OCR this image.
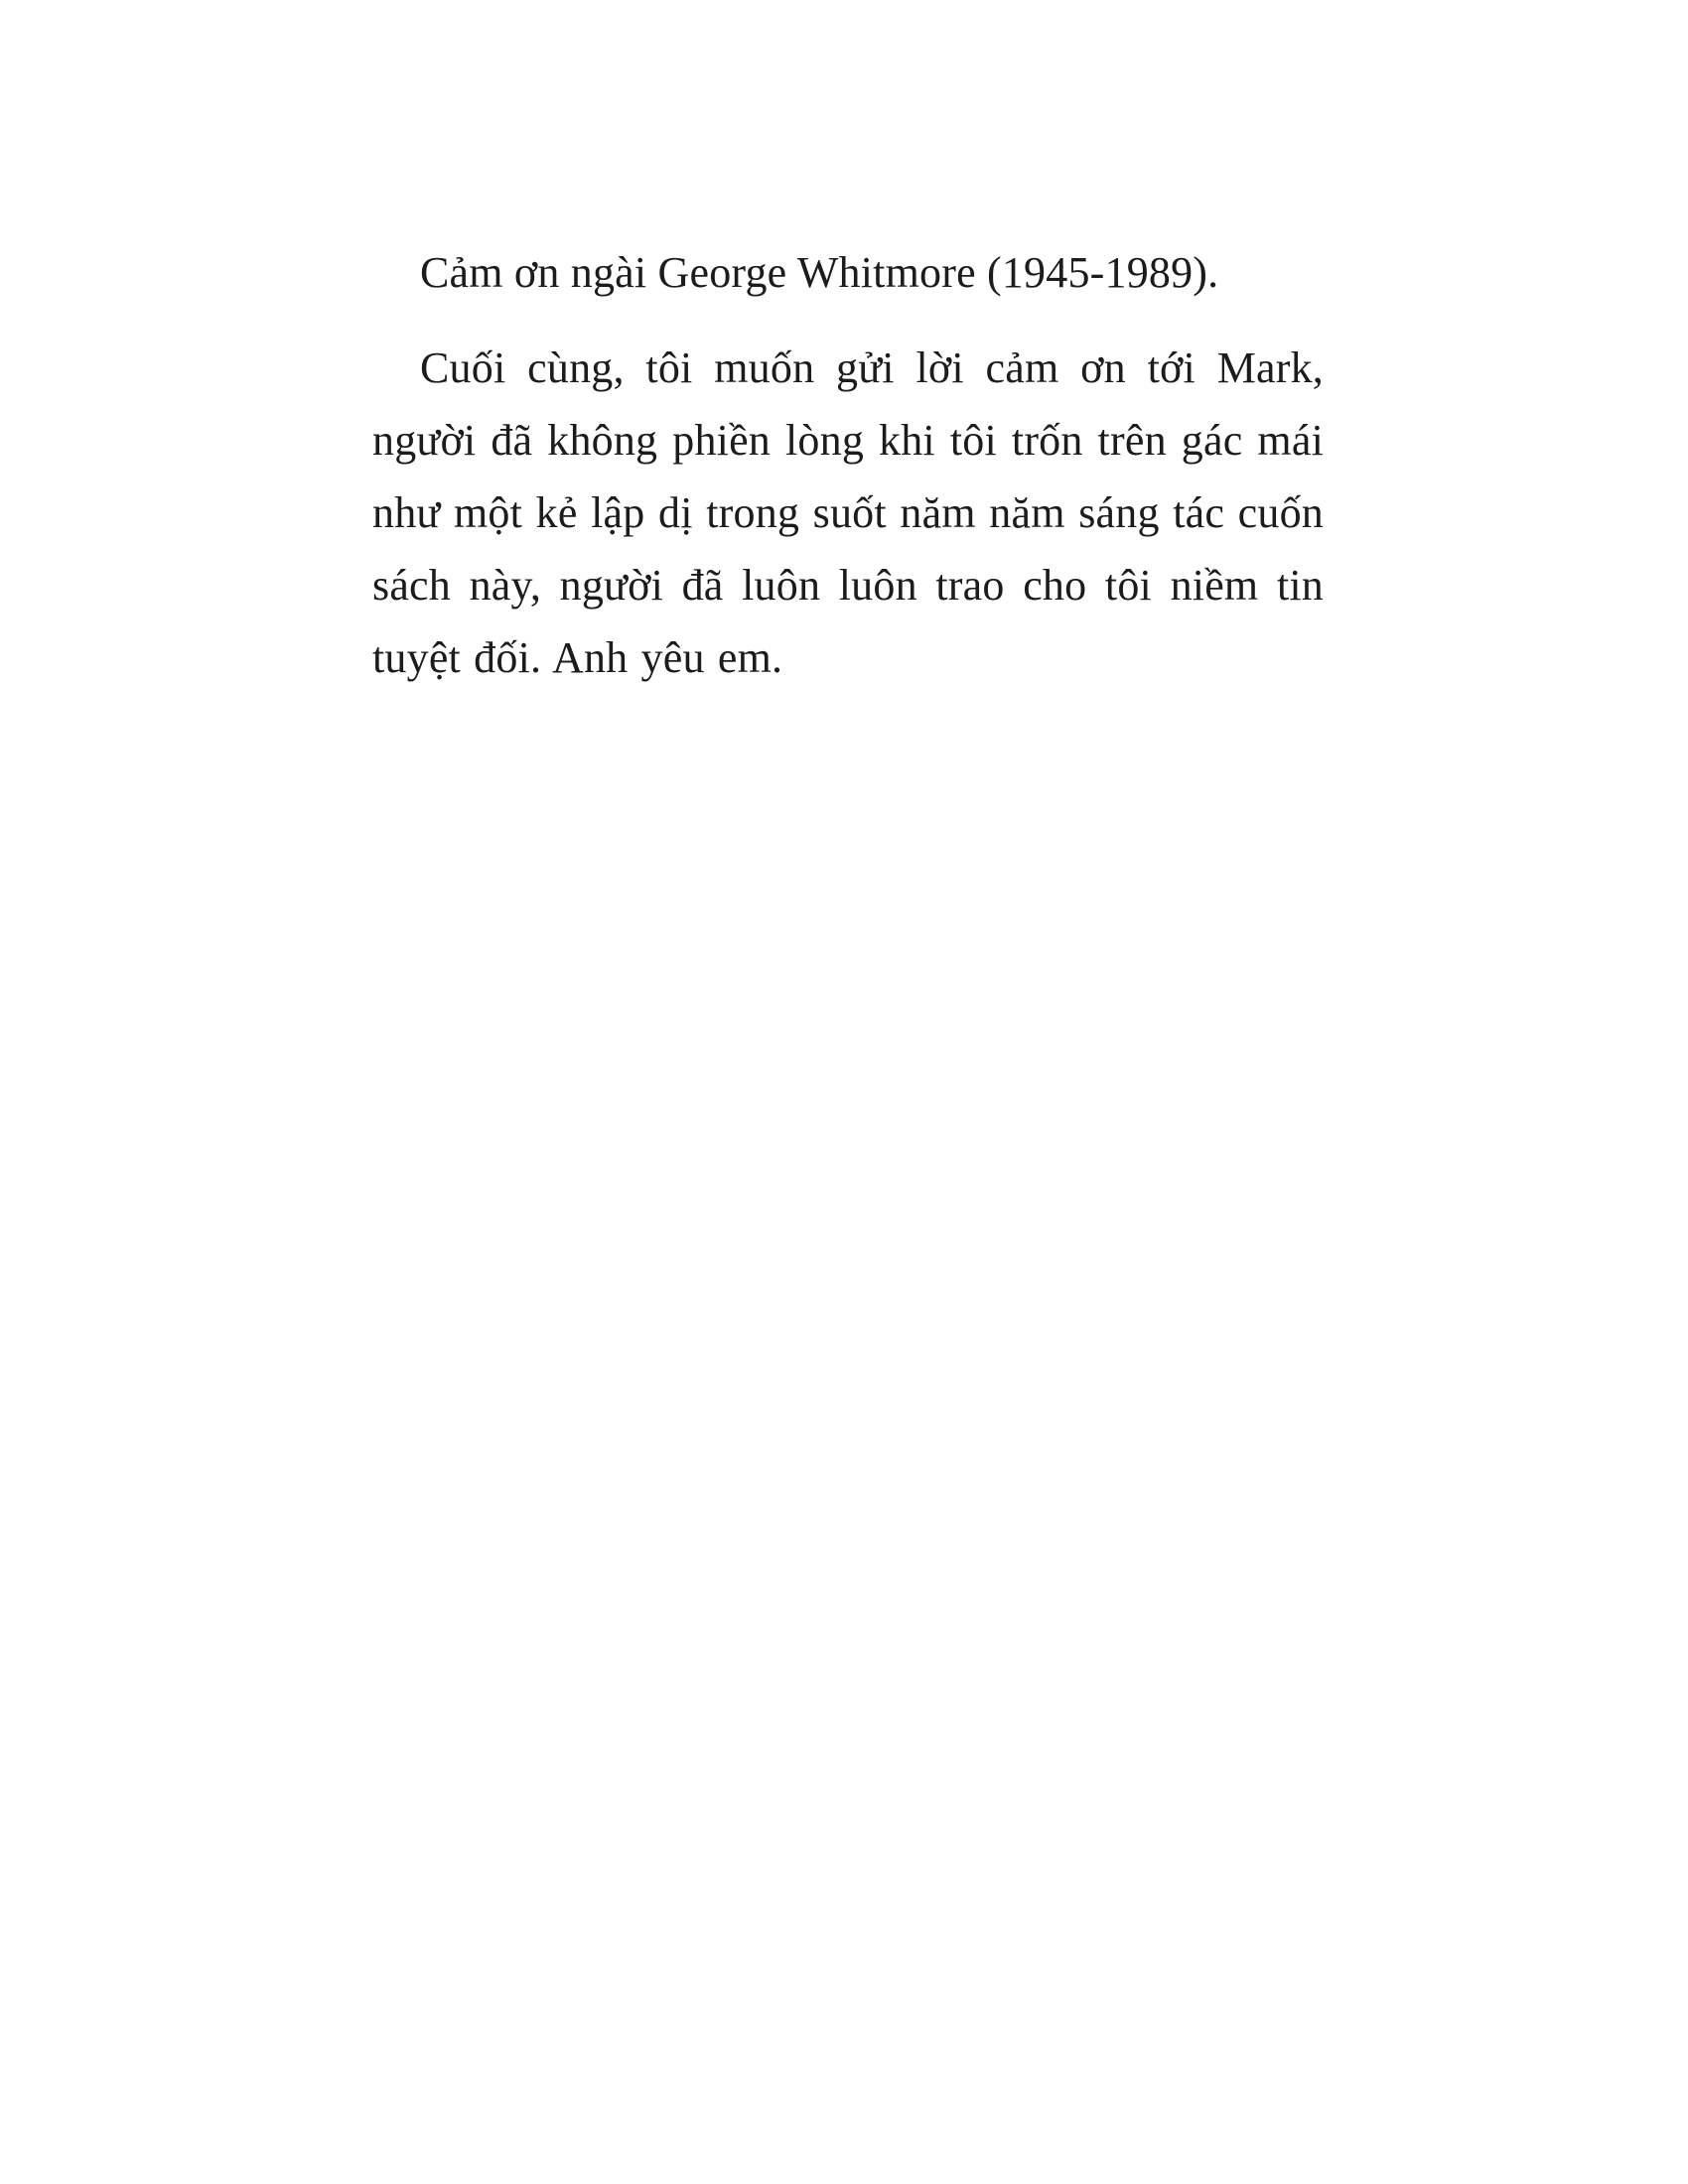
Cảm ơn ngài George Whitmore (1945-1989).

Cuối cùng, tôi muốn gửi lời cảm ơn tới Mark, người đã không phiền lòng khi tôi trốn trên gác mái như một kẻ lập dị trong suốt năm năm sáng tác cuốn sách này, người đã luôn luôn trao cho tôi niềm tin tuyệt đối. Anh yêu em.
